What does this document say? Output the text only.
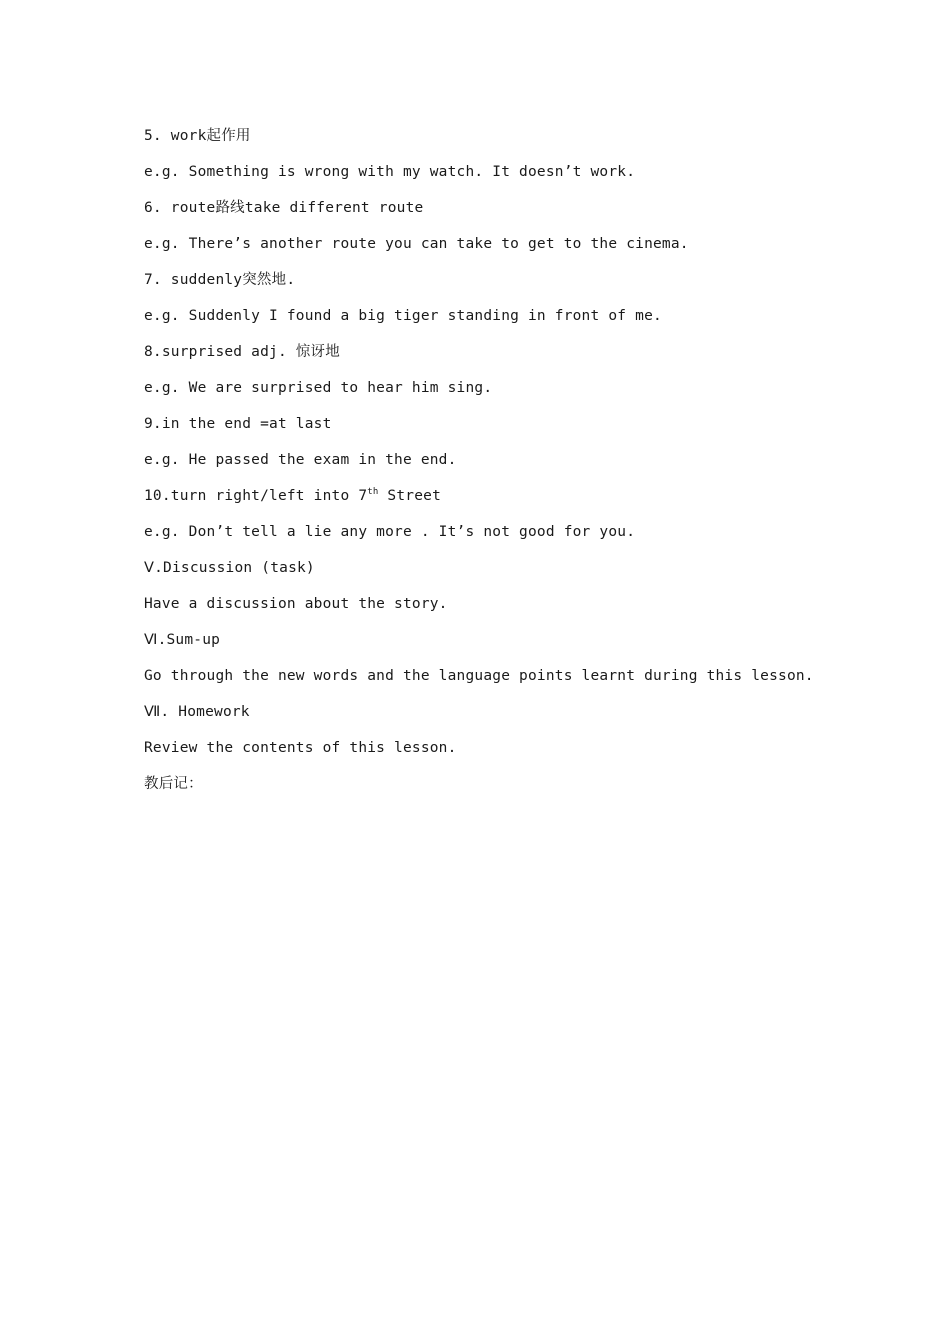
5. work起作用
e.g. Something is wrong with my watch. It doesn’t work.
6. route路线take different route
e.g. There’s another route you can take to get to the cinema.
7. suddenly突然地.
e.g. Suddenly I found a big tiger standing in front of me.
8.surprised adj. 惊讶地
e.g. We are surprised to hear him sing.
9.in the end =at last
e.g. He passed the exam in the end.
10.turn right/left into 7th Street
e.g. Don’t tell a lie any more . It’s not good for you.
Ⅴ.Discussion (task)
Have a discussion about the story.
Ⅵ.Sum-up
Go through the new words and the language points learnt during this lesson.
Ⅶ. Homework
Review the contents of this lesson.
教后记：
